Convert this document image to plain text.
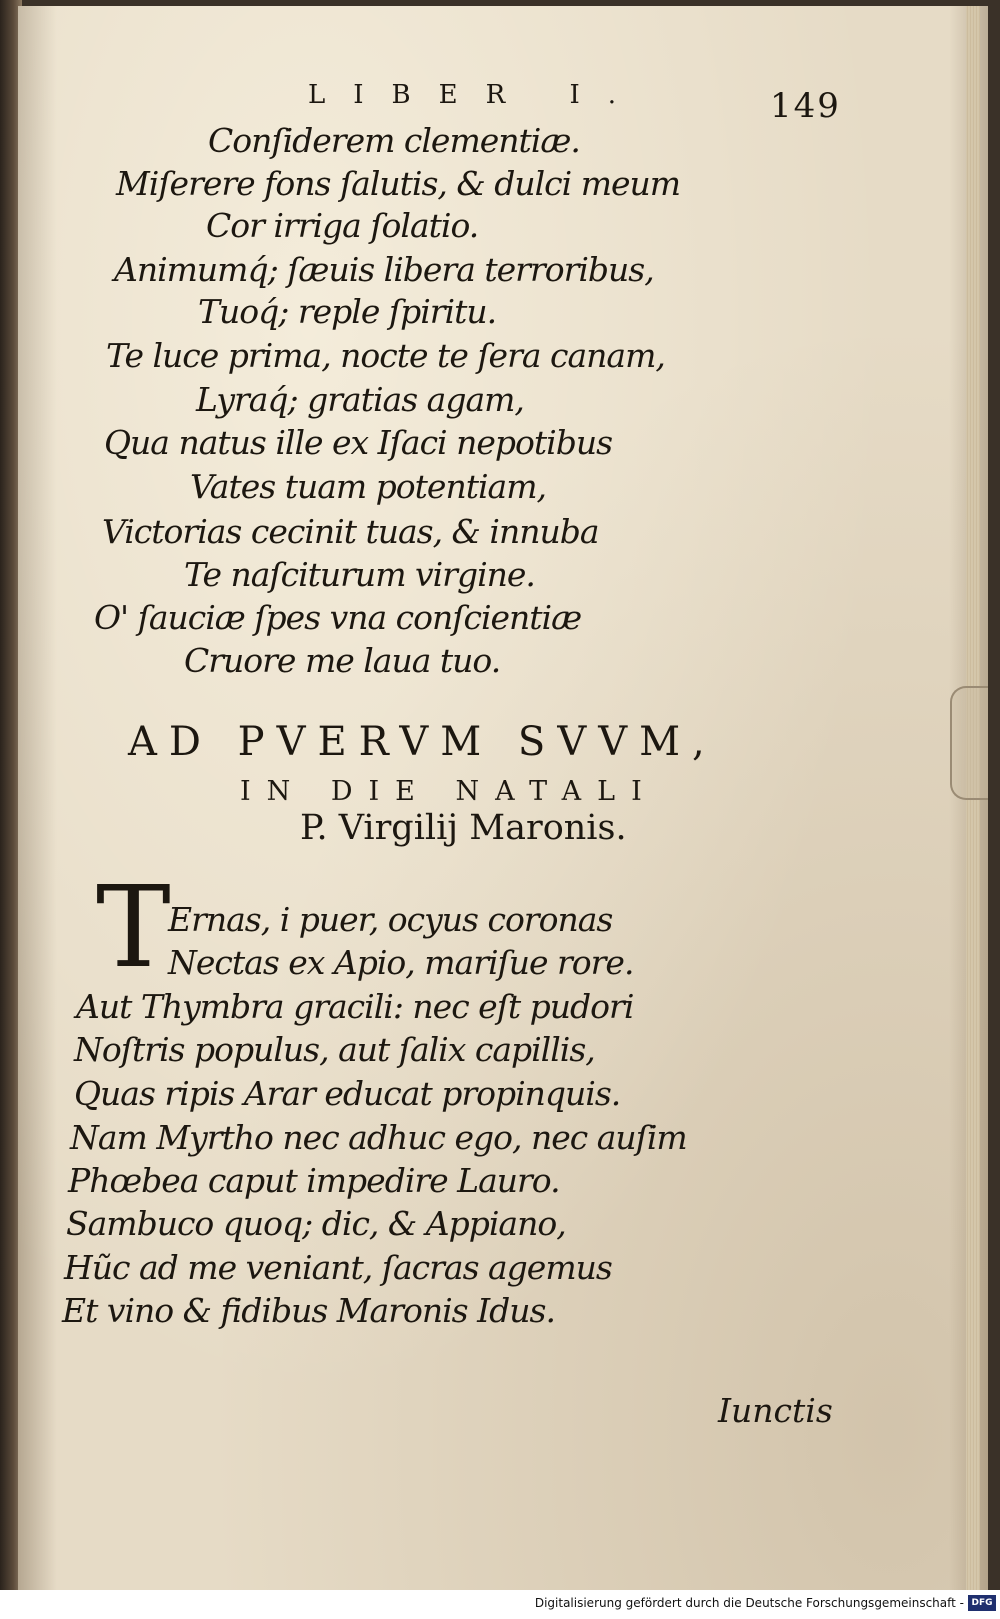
LIBER I.	149

Conſiderem clementiæ.

Miſerere fons ſalutis, & dulci meum

Cor irriga ſolatio.

Animumq́; ſæuis libera terroribus,

Tuoq́; reple ſpiritu.

Te luce prima, nocte te ſera canam,

Lyraq́; gratias agam,

Qua natus ille ex Iſaci nepotibus

Vates tuam potentiam,

Victorias cecinit tuas, & innuba

Te naſciturum virgine.

O' ſauciæ ſpes vna conſcientiæ

Cruore me laua tuo.

AD PVERVM SVVM,
IN DIE NATALI
P. Virgilij Maronis.
T

Ernas, i puer, ocyus coronas

Nectas ex Apio, mariſue rore.

Aut Thymbra gracili: nec eſt pudori

Noſtris populus, aut ſalix capillis,

Quas ripis Arar educat propinquis.

Nam Myrtho nec adhuc ego, nec auſim

Phœbea caput impedire Lauro.

Sambuco quoq; dic, & Appiano,

Hũc ad me veniant, ſacras agemus

Et vino & fidibus Maronis Idus.

Iunctis
Digitalisierung gefördert durch die Deutsche Forschungsgemeinschaft - DFG
